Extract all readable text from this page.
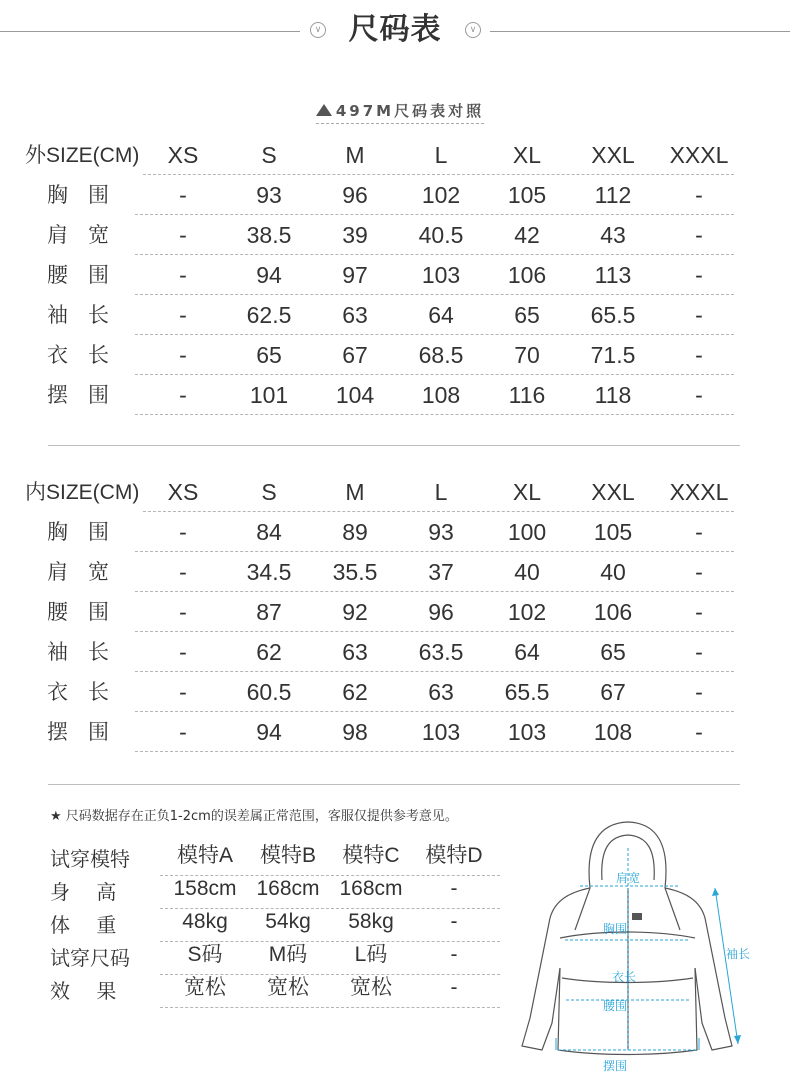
∨ 尺码表	∨
497M尺码表对照
外SIZE(CM)	XS	S	M	L	XL	XXL	XXXL
胸围	-	93	96	102	105	112	-
肩宽	-	38.5	39	40.5	42	43	-
腰围	-	94	97	103	106	113	-
袖长	-	62.5	63	64	65	65.5	-
衣长	-	65	67	68.5	70	71.5	-
摆围	-	101	104	108	116	118	-
内SIZE(CM)	XS	S	M	L	XL	XXL	XXXL
胸围	-	84	89	93	100	105	-
肩宽	-	34.5	35.5	37	40	40	-
腰围	-	87	92	96	102	106	-
袖长	-	62	63	63.5	64	65	-
衣长	-	60.5	62	63	65.5	67	-
摆围	-	94	98	103	103	108	-
★ 尺码数据存在正负1-2cm的误差属正常范围，客服仅提供参考意见。
试穿模特	模特A	模特B	模特C	模特D
身　 高	158cm 168cm 168cm	-
体　 重	48kg	54kg	58kg	-
试穿尺码	S码	M码	L码	-
效　 果	宽松	宽松	宽松	-
肩宽
胸围
袖长
衣长
腰围
摆围
